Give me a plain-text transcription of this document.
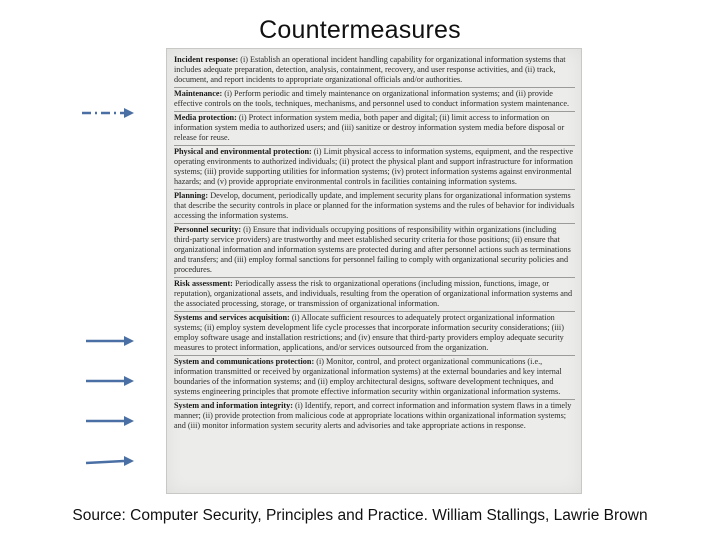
Countermeasures
Incident response: (i) Establish an operational incident handling capability for organizational information systems that includes adequate preparation, detection, analysis, containment, recovery, and user response activities, and (ii) track, document, and report incidents to appropriate organizational officials and/or authorities.
Maintenance: (i) Perform periodic and timely maintenance on organizational information systems; and (ii) provide effective controls on the tools, techniques, mechanisms, and personnel used to conduct information system maintenance.
Media protection: (i) Protect information system media, both paper and digital; (ii) limit access to information on information system media to authorized users; and (iii) sanitize or destroy information system media before disposal or release for reuse.
Physical and environmental protection: (i) Limit physical access to information systems, equipment, and the respective operating environments to authorized individuals; (ii) protect the physical plant and support infrastructure for information systems; (iii) provide supporting utilities for information systems; (iv) protect information systems against environmental hazards; and (v) provide appropriate environmental controls in facilities containing information systems.
Planning: Develop, document, periodically update, and implement security plans for organizational information systems that describe the security controls in place or planned for the information systems and the rules of behavior for individuals accessing the information systems.
Personnel security: (i) Ensure that individuals occupying positions of responsibility within organizations (including third-party service providers) are trustworthy and meet established security criteria for those positions; (ii) ensure that organizational information and information systems are protected during and after personnel actions such as terminations and transfers; and (iii) employ formal sanctions for personnel failing to comply with organizational security policies and procedures.
Risk assessment: Periodically assess the risk to organizational operations (including mission, functions, image, or reputation), organizational assets, and individuals, resulting from the operation of organizational information systems and the associated processing, storage, or transmission of organizational information.
Systems and services acquisition: (i) Allocate sufficient resources to adequately protect organizational information systems; (ii) employ system development life cycle processes that incorporate information security considerations; (iii) employ software usage and installation restrictions; and (iv) ensure that third-party providers employ adequate security measures to protect information, applications, and/or services outsourced from the organization.
System and communications protection: (i) Monitor, control, and protect organizational communications (i.e., information transmitted or received by organizational information systems) at the external boundaries and key internal boundaries of the information systems; and (ii) employ architectural designs, software development techniques, and systems engineering principles that promote effective information security within organizational information systems.
System and information integrity: (i) Identify, report, and correct information and information system flaws in a timely manner; (ii) provide protection from malicious code at appropriate locations within organizational information systems; and (iii) monitor information system security alerts and advisories and take appropriate actions in response.
Source: Computer Security, Principles and Practice. William Stallings, Lawrie Brown
